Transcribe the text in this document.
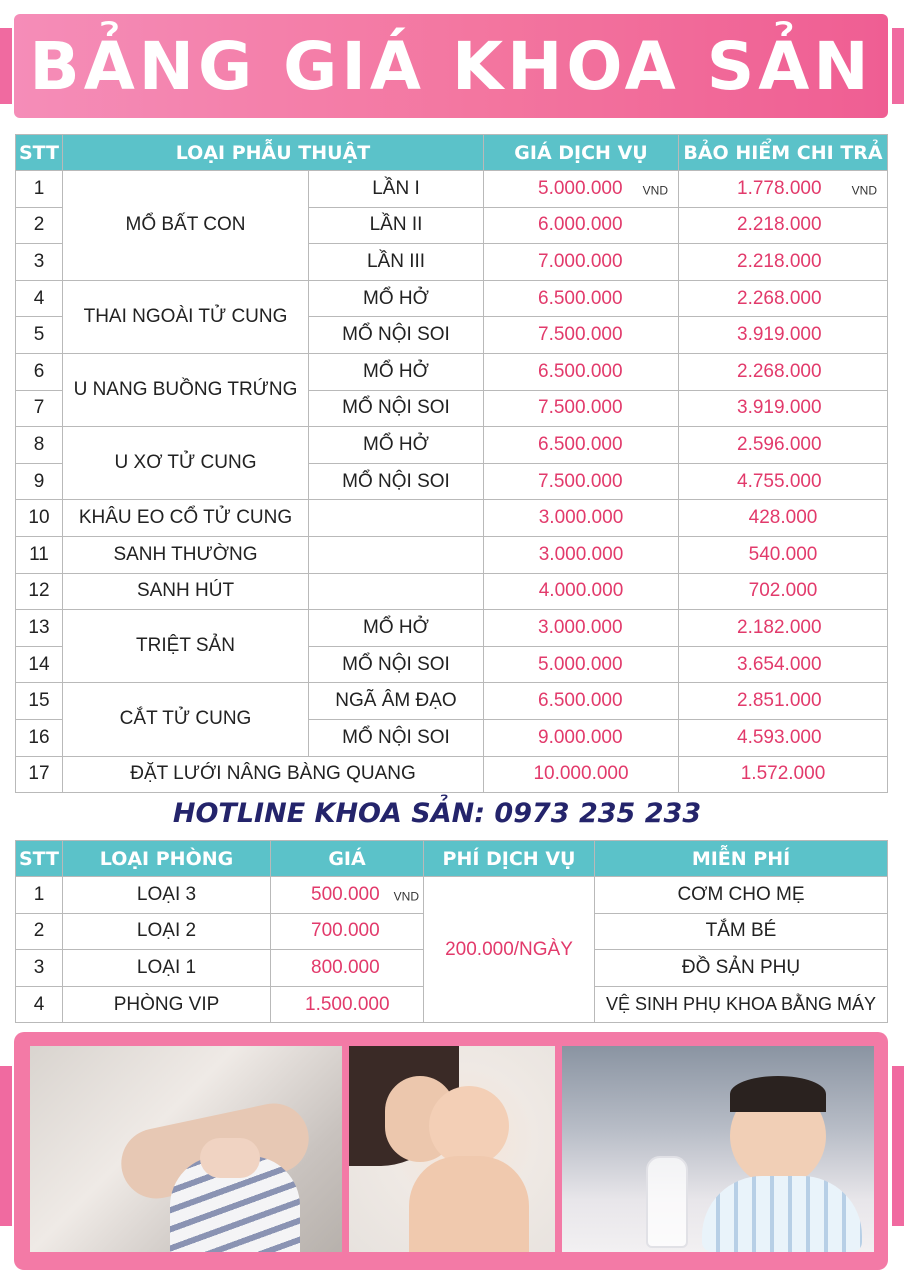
BẢNG GIÁ KHOA SẢN
STT	LOẠI PHẪU THUẬT		GIÁ DỊCH VỤ	BẢO HIỂM CHI TRẢ
1	MỔ BẤT CON	LẦN I	5.000.000 VND	1.778.000 VND

2		LẦN II	6.000.000	2.218.000
3		LẦN III	7.000.000	2.218.000
4	THAI NGOÀI TỬ CUNG	MỔ HỞ	6.500.000	2.268.000
5		MỔ NỘI SOI	7.500.000	3.919.000
6	U NANG BUỒNG TRỨNG	MỔ HỞ	6.500.000	2.268.000
7		MỔ NỘI SOI	7.500.000	3.919.000
8	U XƠ TỬ CUNG	MỔ HỞ	6.500.000	2.596.000
9		MỔ NỘI SOI	7.500.000	4.755.000
10	KHÂU EO CỔ TỬ CUNG		3.000.000	428.000
11	SANH THƯỜNG		3.000.000	540.000
12	SANH HÚT		4.000.000	702.000
13	TRIỆT SẢN	MỔ HỞ	3.000.000	2.182.000
14		MỔ NỘI SOI	5.000.000	3.654.000
15	CẮT TỬ CUNG	NGÃ ÂM ĐẠO	6.500.000	2.851.000
16		MỔ NỘI SOI	9.000.000	4.593.000
17	ĐẶT LƯỚI NÂNG BÀNG QUANG		10.000.000	1.572.000
HOTLINE KHOA SẢN: 0973 235 233
STT	LOẠI PHÒNG	GIÁ	PHÍ DỊCH VỤ	MIỄN PHÍ
1	LOẠI 3	500.000 VND	200.000/NGÀY	CƠM CHO MẸ
2	LOẠI 2	700.000		TẮM BÉ
3	LOẠI 1	800.000		ĐỒ SẢN PHỤ
4	PHÒNG VIP	1.500.000		VỆ SINH PHỤ KHOA BẰNG MÁY
